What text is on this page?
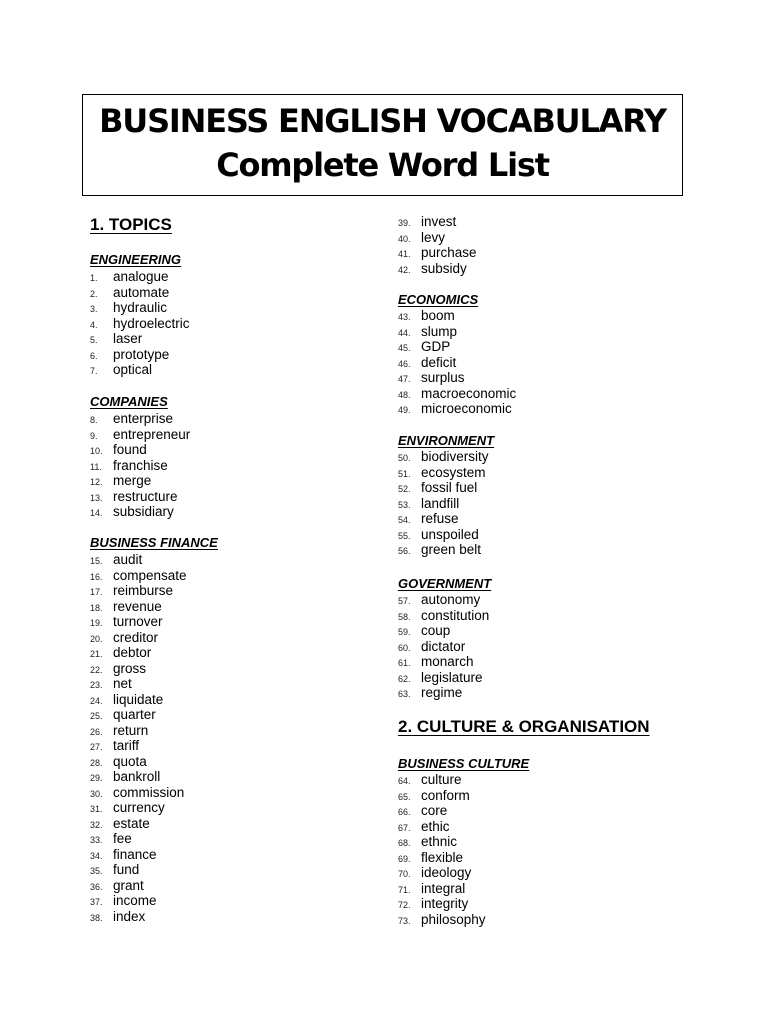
BUSINESS ENGLISH VOCABULARY
Complete Word List
1. TOPICS
ENGINEERING
1. analogue
2. automate
3. hydraulic
4. hydroelectric
5. laser
6. prototype
7. optical
COMPANIES
8. enterprise
9. entrepreneur
10. found
11. franchise
12. merge
13. restructure
14. subsidiary
BUSINESS FINANCE
15. audit
16. compensate
17. reimburse
18. revenue
19. turnover
20. creditor
21. debtor
22. gross
23. net
24. liquidate
25. quarter
26. return
27. tariff
28. quota
29. bankroll
30. commission
31. currency
32. estate
33. fee
34. finance
35. fund
36. grant
37. income
38. index
39. invest
40. levy
41. purchase
42. subsidy
ECONOMICS
43. boom
44. slump
45. GDP
46. deficit
47. surplus
48. macroeconomic
49. microeconomic
ENVIRONMENT
50. biodiversity
51. ecosystem
52. fossil fuel
53. landfill
54. refuse
55. unspoiled
56. green belt
GOVERNMENT
57. autonomy
58. constitution
59. coup
60. dictator
61. monarch
62. legislature
63. regime
BUSINESS CULTURE
64. culture
65. conform
66. core
67. ethic
68. ethnic
69. flexible
70. ideology
71. integral
72. integrity
73. philosophy
2. CULTURE & ORGANISATION
